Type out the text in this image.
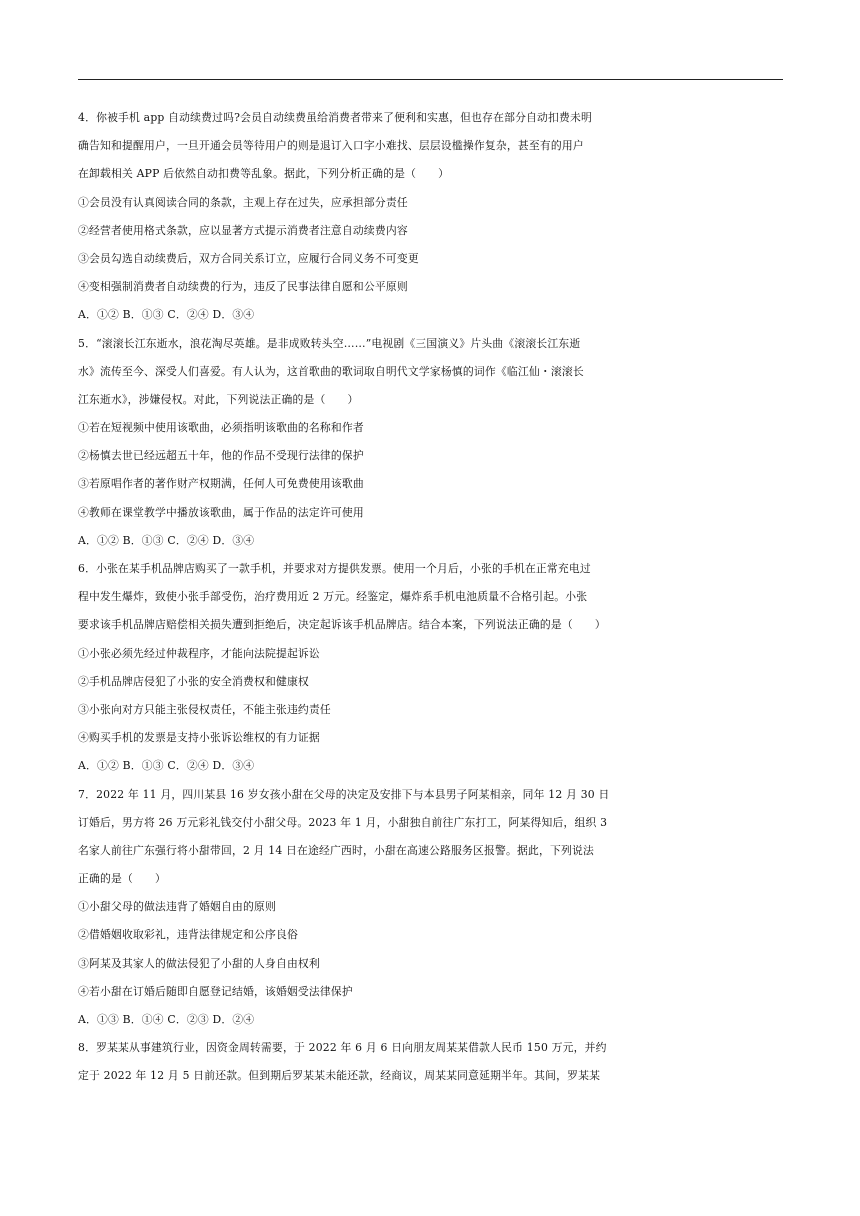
4．你被手机 app 自动续费过吗?会员自动续费虽给消费者带来了便利和实惠，但也存在部分自动扣费未明
确告知和提醒用户，一旦开通会员等待用户的则是退订入口字小难找、层层设槛操作复杂，甚至有的用户
在卸载相关 APP 后依然自动扣费等乱象。据此，下列分析正确的是（　　）
①会员没有认真阅读合同的条款，主观上存在过失，应承担部分责任
②经营者使用格式条款，应以显著方式提示消费者注意自动续费内容
③会员勾选自动续费后，双方合同关系订立，应履行合同义务不可变更
④变相强制消费者自动续费的行为，违反了民事法律自愿和公平原则
A．①② B．①③ C．②④ D．③④
5．“滚滚长江东逝水，浪花淘尽英雄。是非成败转头空……”电视剧《三国演义》片头曲《滚滚长江东逝
水》流传至今、深受人们喜爱。有人认为，这首歌曲的歌词取自明代文学家杨慎的词作《临江仙・滚滚长
江东逝水》，涉嫌侵权。对此，下列说法正确的是（　　）
①若在短视频中使用该歌曲，必须指明该歌曲的名称和作者
②杨慎去世已经远超五十年，他的作品不受现行法律的保护
③若原唱作者的著作财产权期满，任何人可免费使用该歌曲
④教师在课堂教学中播放该歌曲，属于作品的法定许可使用
A．①② B．①③ C．②④ D．③④
6．小张在某手机品牌店购买了一款手机，并要求对方提供发票。使用一个月后，小张的手机在正常充电过
程中发生爆炸，致使小张手部受伤，治疗费用近 2 万元。经鉴定，爆炸系手机电池质量不合格引起。小张
要求该手机品牌店赔偿相关损失遭到拒绝后，决定起诉该手机品牌店。结合本案，下列说法正确的是（　　）
①小张必须先经过仲裁程序，才能向法院提起诉讼
②手机品牌店侵犯了小张的安全消费权和健康权
③小张向对方只能主张侵权责任，不能主张违约责任
④购买手机的发票是支持小张诉讼维权的有力证据
A．①② B．①③ C．②④ D．③④
7．2022 年 11 月，四川某县 16 岁女孩小甜在父母的决定及安排下与本县男子阿某相亲，同年 12 月 30 日
订婚后，男方将 26 万元彩礼钱交付小甜父母。2023 年 1 月，小甜独自前往广东打工，阿某得知后，组织 3
名家人前往广东强行将小甜带回，2 月 14 日在途经广西时，小甜在高速公路服务区报警。据此，下列说法
正确的是（　　）
①小甜父母的做法违背了婚姻自由的原则
②借婚姻收取彩礼，违背法律规定和公序良俗
③阿某及其家人的做法侵犯了小甜的人身自由权利
④若小甜在订婚后随即自愿登记结婚，该婚姻受法律保护
A．①③ B．①④ C．②③ D．②④
8．罗某某从事建筑行业，因资金周转需要，于 2022 年 6 月 6 日向朋友周某某借款人民币 150 万元，并约
定于 2022 年 12 月 5 日前还款。但到期后罗某某未能还款，经商议，周某某同意延期半年。其间，罗某某
